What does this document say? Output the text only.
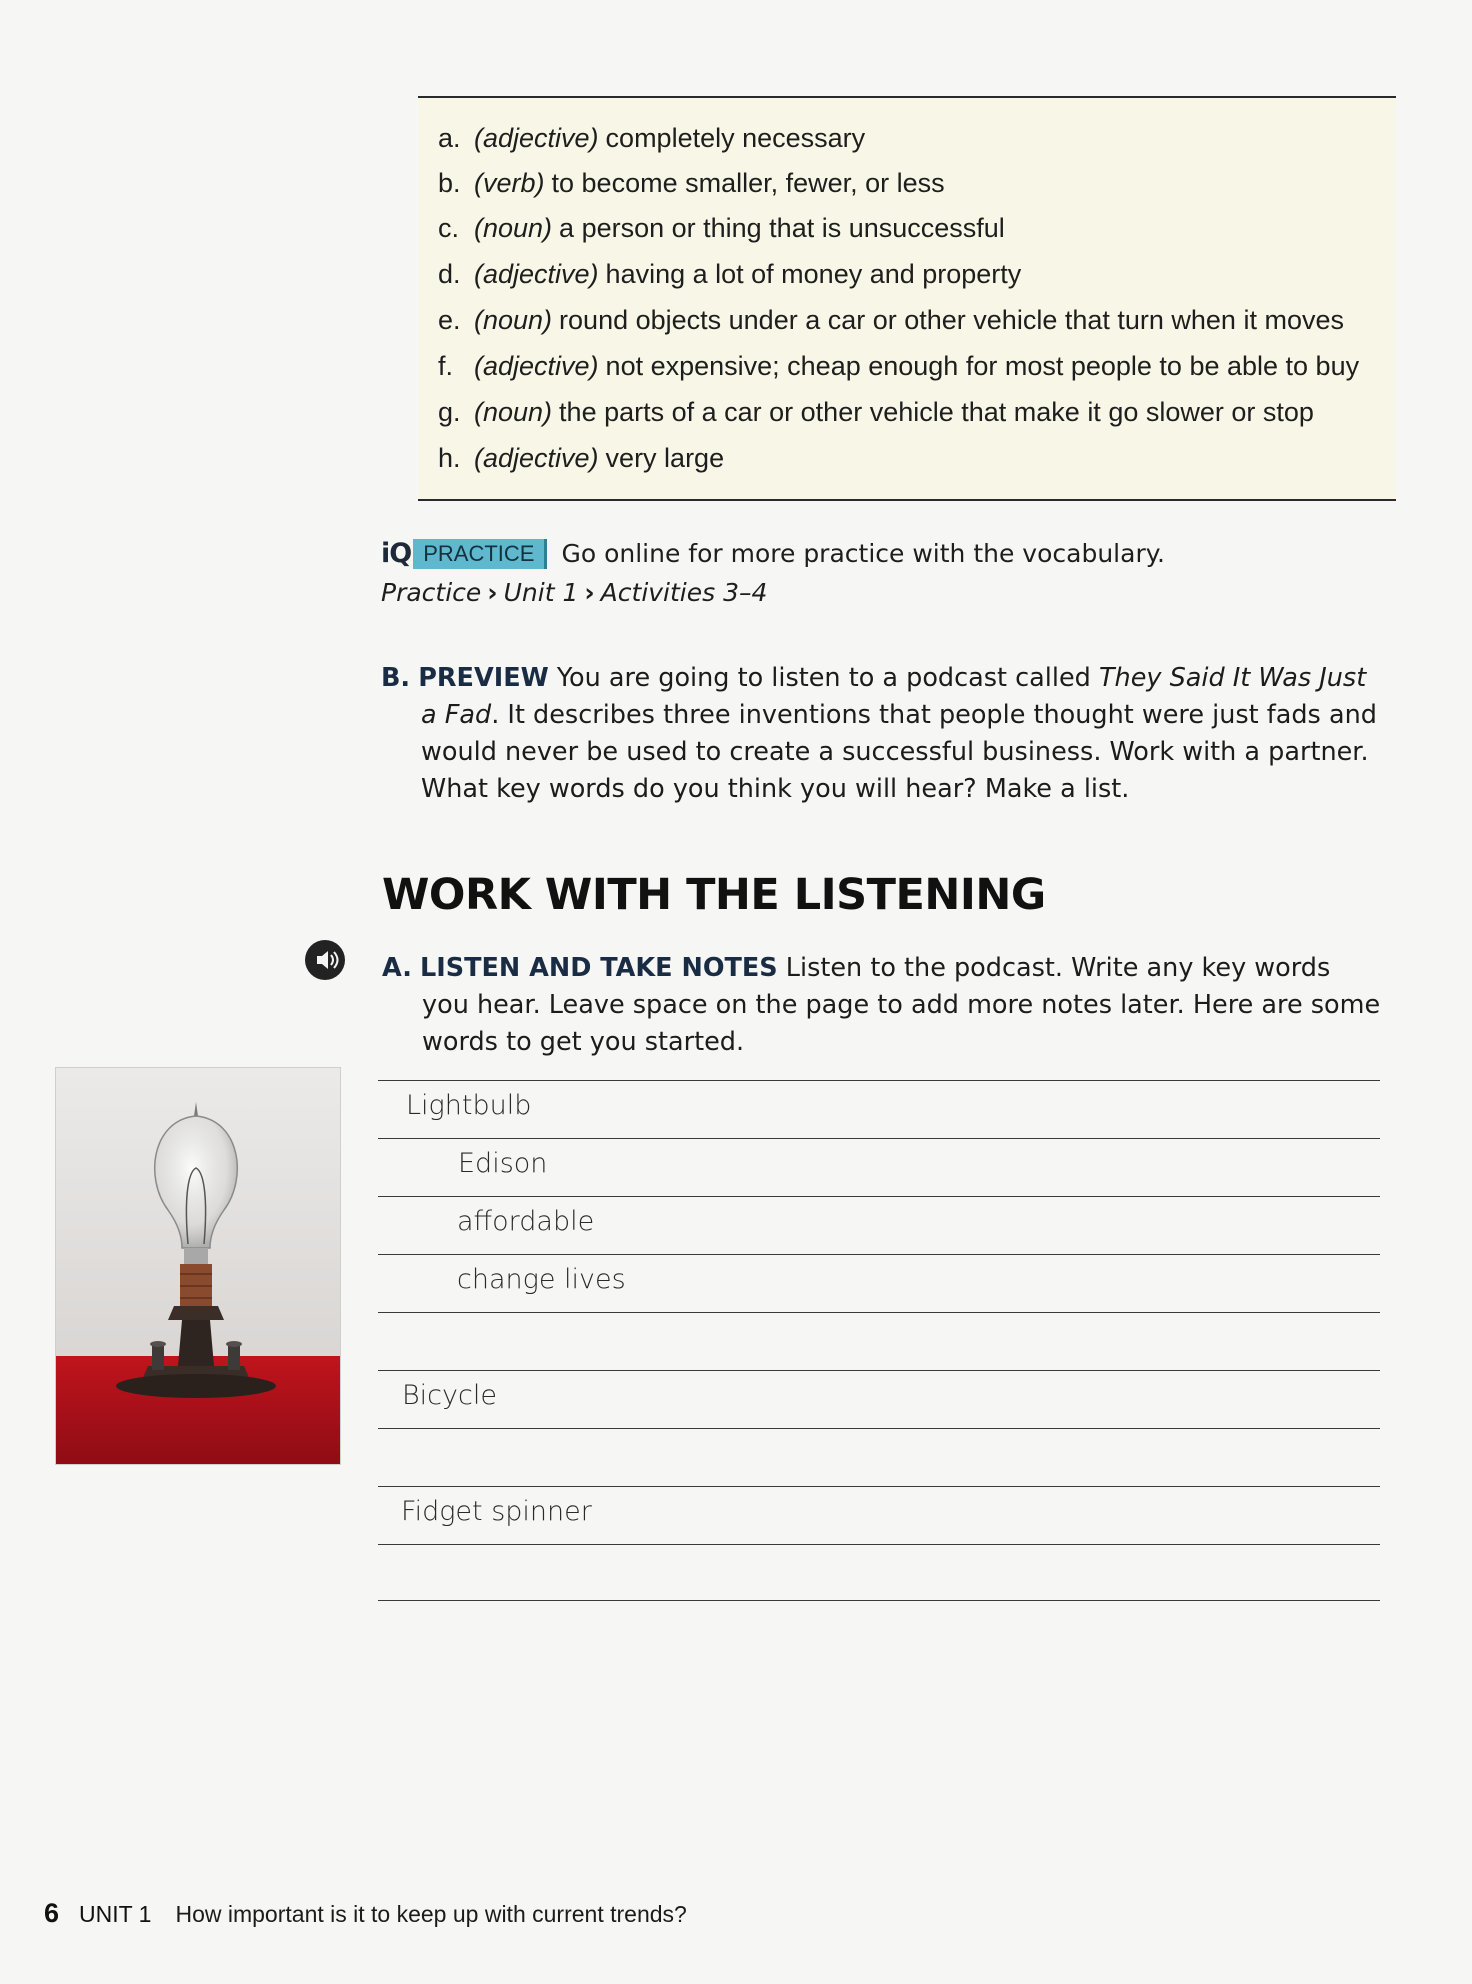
a. (adjective) completely necessary
b. (verb) to become smaller, fewer, or less
c. (noun) a person or thing that is unsuccessful
d. (adjective) having a lot of money and property
e. (noun) round objects under a car or other vehicle that turn when it moves
f. (adjective) not expensive; cheap enough for most people to be able to buy
g. (noun) the parts of a car or other vehicle that make it go slower or stop
h. (adjective) very large
iQ PRACTICE Go online for more practice with the vocabulary.
Practice › Unit 1 › Activities 3–4
B. PREVIEW You are going to listen to a podcast called They Said It Was Just
a Fad. It describes three inventions that people thought were just fads and
would never be used to create a successful business. Work with a partner.
What key words do you think you will hear? Make a list.
WORK WITH THE LISTENING
A. LISTEN AND TAKE NOTES Listen to the podcast. Write any key words
you hear. Leave space on the page to add more notes later. Here are some
words to get you started.
Lightbulb
Edison
affordable
change lives
Bicycle
Fidget spinner
6 UNIT 1 How important is it to keep up with current trends?
